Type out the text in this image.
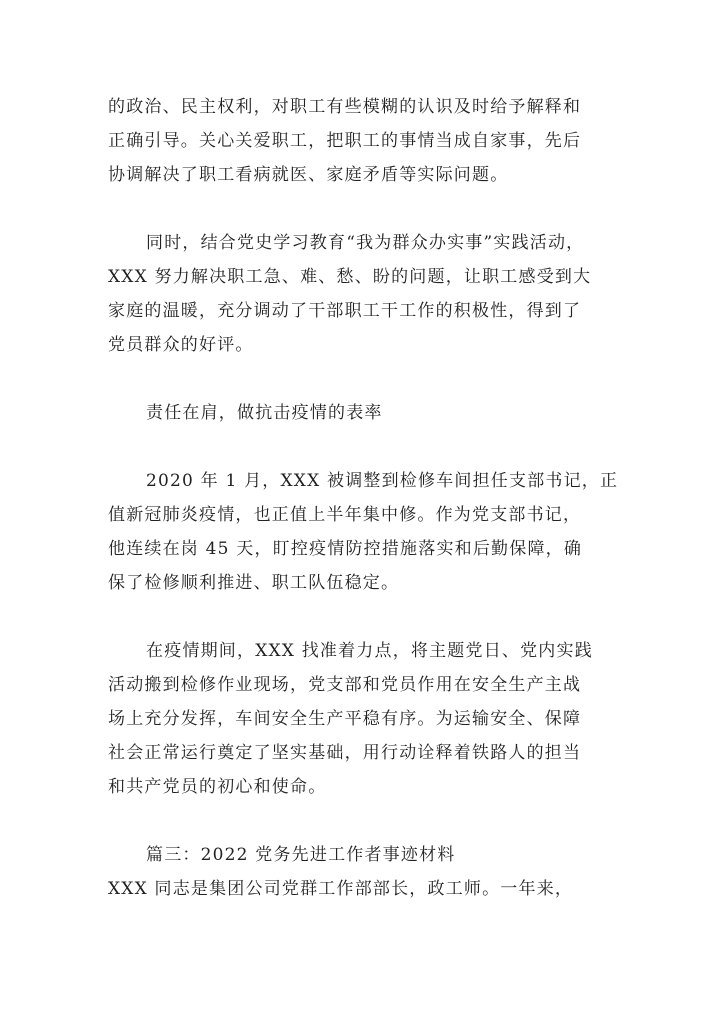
的政治、民主权利，对职工有些模糊的认识及时给予解释和
正确引导。关心关爱职工，把职工的事情当成自家事，先后
协调解决了职工看病就医、家庭矛盾等实际问题。
同时，结合党史学习教育“我为群众办实事”实践活动，
XXX 努力解决职工急、难、愁、盼的问题，让职工感受到大
家庭的温暖，充分调动了干部职工干工作的积极性，得到了
党员群众的好评。
责任在肩，做抗击疫情的表率
2020 年 1 月，XXX 被调整到检修车间担任支部书记，正
值新冠肺炎疫情，也正值上半年集中修。作为党支部书记，
他连续在岗 45 天，盯控疫情防控措施落实和后勤保障，确
保了检修顺利推进、职工队伍稳定。
在疫情期间，XXX 找准着力点，将主题党日、党内实践
活动搬到检修作业现场，党支部和党员作用在安全生产主战
场上充分发挥，车间安全生产平稳有序。为运输安全、保障
社会正常运行奠定了坚实基础，用行动诠释着铁路人的担当
和共产党员的初心和使命。
篇三：2022 党务先进工作者事迹材料
XXX 同志是集团公司党群工作部部长，政工师。一年来，
